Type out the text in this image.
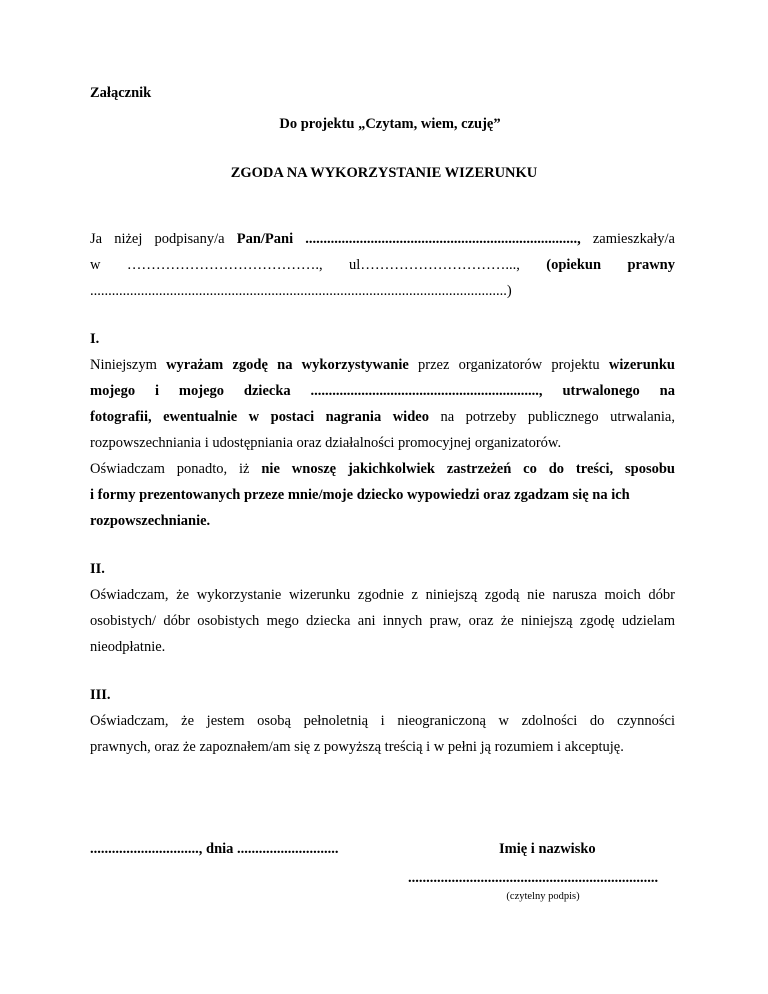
Załącznik
Do projektu „Czytam, wiem, czuję”
ZGODA NA WYKORZYSTANIE WIZERUNKU
Ja niżej podpisany/a Pan/Pani ..........................................................................., zamieszkały/a
w …………………………………., ul…………………………..., (opiekun prawny
...................................................................................................................)
I.
Niniejszym wyrażam zgodę na wykorzystywanie przez organizatorów projektu wizerunku
mojego i mojego dziecka ..............................................................., utrwalonego na
fotografii, ewentualnie w postaci nagrania wideo na potrzeby publicznego utrwalania,
rozpowszechniania i udostępniania oraz działalności promocyjnej organizatorów.
Oświadczam ponadto, iż nie wnoszę jakichkolwiek zastrzeżeń co do treści, sposobu
i formy prezentowanych przeze mnie/moje dziecko wypowiedzi oraz zgadzam się na ich
rozpowszechnianie.
II.
Oświadczam, że wykorzystanie wizerunku zgodnie z niniejszą zgodą nie narusza moich dóbr
osobistych/ dóbr osobistych mego dziecka ani innych praw, oraz że niniejszą zgodę udzielam
nieodpłatnie.
III.
Oświadczam, że jestem osobą pełnoletnią i nieograniczoną w zdolności do czynności
prawnych, oraz że zapoznałem/am się z powyższą treścią i w pełni ją rozumiem i akceptuję.
.............................., dnia ............................	Imię i nazwisko
.....................................................................
(czytelny podpis)
